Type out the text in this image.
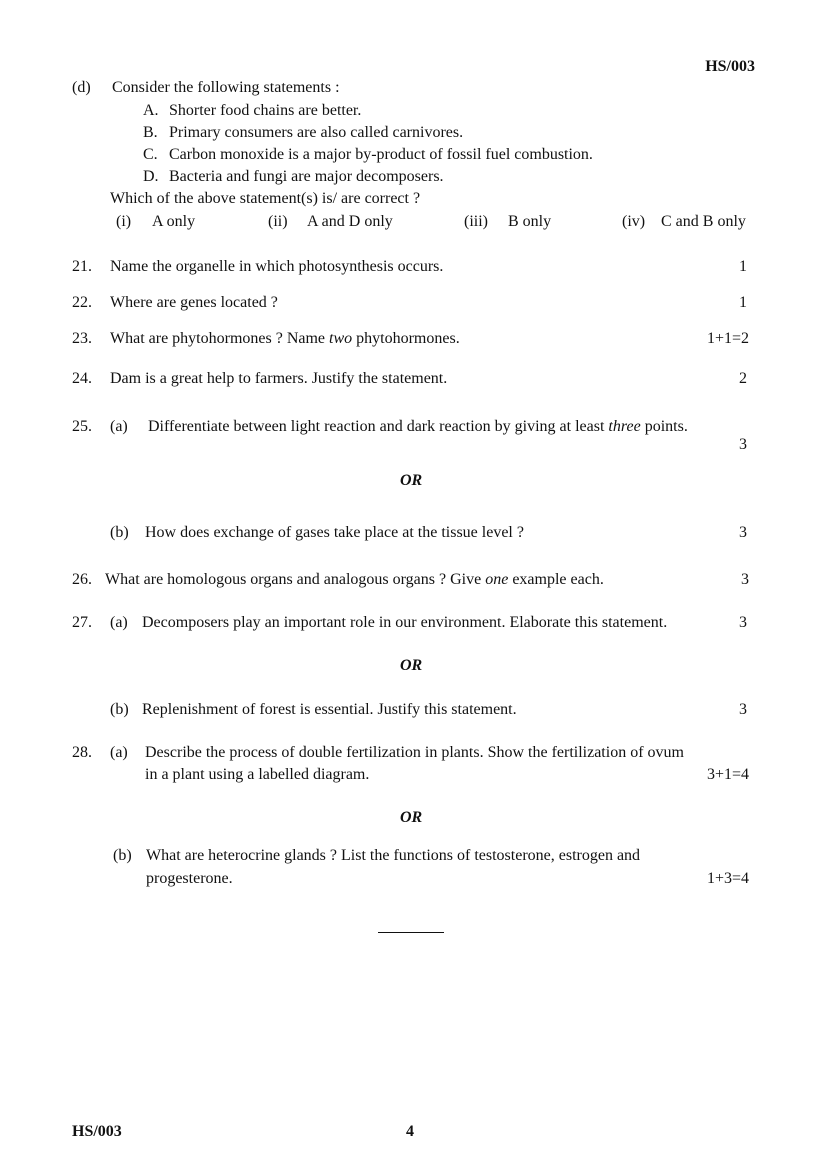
HS/003
(d) Consider the following statements :
A. Shorter food chains are better.
B. Primary consumers are also called carnivores.
C. Carbon monoxide is a major by-product of fossil fuel combustion.
D. Bacteria and fungi are major decomposers.
Which of the above statement(s) is/ are correct ?
(i) A only	(ii) A and D only	(iii) B only	(iv) C and B only
21. Name the organelle in which photosynthesis occurs.	1
22. Where are genes located ?	1
23. What are phytohormones ? Name two phytohormones.	1+1=2
24. Dam is a great help to farmers. Justify the statement.	2
25. (a) Differentiate between light reaction and dark reaction by giving at least three points.
3
OR
(b) How does exchange of gases take place at the tissue level ?	3
26. What are homologous organs and analogous organs ? Give one example each.	3
27. (a) Decomposers play an important role in our environment. Elaborate this statement.	3
OR
(b) Replenishment of forest is essential. Justify this statement.	3
28. (a) Describe the process of double fertilization in plants. Show the fertilization of ovum
in a plant using a labelled diagram.	3+1=4
OR
(b) What are heterocrine glands ? List the functions of testosterone, estrogen and
progesterone.	1+3=4
HS/003	4
